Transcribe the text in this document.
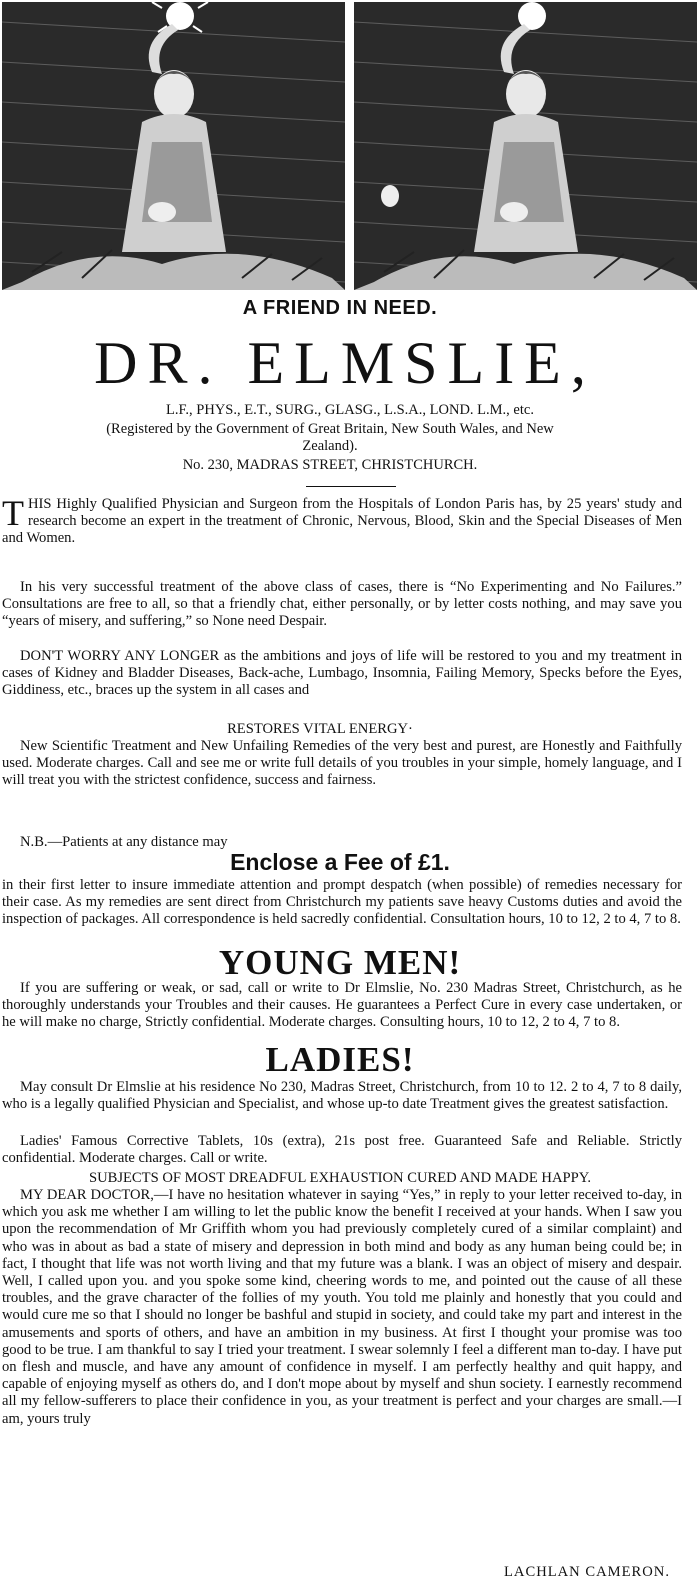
A FRIEND IN NEED.
DR. ELMSLIE,
L.F., PHYS., E.T., SURG., GLASG., L.S.A., LOND. L.M., etc.
(Registered by the Government of Great Britain, New South Wales, and New
Zealand).
No. 230, MADRAS STREET, CHRISTCHURCH.

THIS Highly Qualified Physician and Surgeon from the Hospitals of London Paris has, by 25 years' study and research become an expert in the treatment of Chronic, Nervous, Blood, Skin and the Special Diseases of Men and Women.

In his very successful treatment of the above class of cases, there is “No Experimenting and No Failures.” Consultations are free to all, so that a friendly chat, either personally, or by letter costs nothing, and may save you “years of misery, and suffering,” so None need Despair.

DON'T WORRY ANY LONGER as the ambitions and joys of life will be restored to you and my treatment in cases of Kidney and Bladder Diseases, Back-ache, Lumbago, Insomnia, Failing Memory, Specks before the Eyes, Giddiness, etc., braces up the system in all cases and

RESTORES VITAL ENERGY·

New Scientific Treatment and New Unfailing Remedies of the very best and purest, are Honestly and Faithfully used. Moderate charges. Call and see me or write full details of you troubles in your simple, homely language, and I will treat you with the strictest confidence, success and fairness.

N.B.—Patients at any distance may
Enclose a Fee of £1.

in their first letter to insure immediate attention and prompt despatch (when possible) of remedies necessary for their case. As my remedies are sent direct from Christchurch my patients save heavy Customs duties and avoid the inspection of packages. All correspondence is held sacredly confidential. Consultation hours, 10 to 12, 2 to 4, 7 to 8.

YOUNG MEN!

If you are suffering or weak, or sad, call or write to Dr Elmslie, No. 230 Madras Street, Christchurch, as he thoroughly understands your Troubles and their causes. He guarantees a Perfect Cure in every case undertaken, or he will make no charge, Strictly confidential. Moderate charges. Consulting hours, 10 to 12, 2 to 4, 7 to 8.

LADIES!

May consult Dr Elmslie at his residence No 230, Madras Street, Christchurch, from 10 to 12. 2 to 4, 7 to 8 daily, who is a legally qualified Physician and Specialist, and whose up-to date Treatment gives the greatest satisfaction.

Ladies' Famous Corrective Tablets, 10s (extra), 21s post free. Guaranteed Safe and Reliable. Strictly confidential. Moderate charges. Call or write.

SUBJECTS OF MOST DREADFUL EXHAUSTION CURED AND MADE HAPPY.

MY DEAR DOCTOR,—I have no hesitation whatever in saying “Yes,” in reply to your letter received to-day, in which you ask me whether I am willing to let the public know the benefit I received at your hands. When I saw you upon the recommendation of Mr Griffith whom you had previously completely cured of a similar complaint) and who was in about as bad a state of misery and depression in both mind and body as any human being could be; in fact, I thought that life was not worth living and that my future was a blank. I was an object of misery and despair. Well, I called upon you. and you spoke some kind, cheering words to me, and pointed out the cause of all these troubles, and the grave character of the follies of my youth. You told me plainly and honestly that you could and would cure me so that I should no longer be bashful and stupid in society, and could take my part and interest in the amusements and sports of others, and have an ambition in my business. At first I thought your promise was too good to be true. I am thankful to say I tried your treatment. I swear solemnly I feel a different man to-day. I have put on flesh and muscle, and have any amount of confidence in myself. I am perfectly healthy and quit happy, and capable of enjoying myself as others do, and I don't mope about by myself and shun society. I earnestly recommend all my fellow-sufferers to place their confidence in you, as your treatment is perfect and your charges are small.—I am, yours truly

LACHLAN CAMERON.
